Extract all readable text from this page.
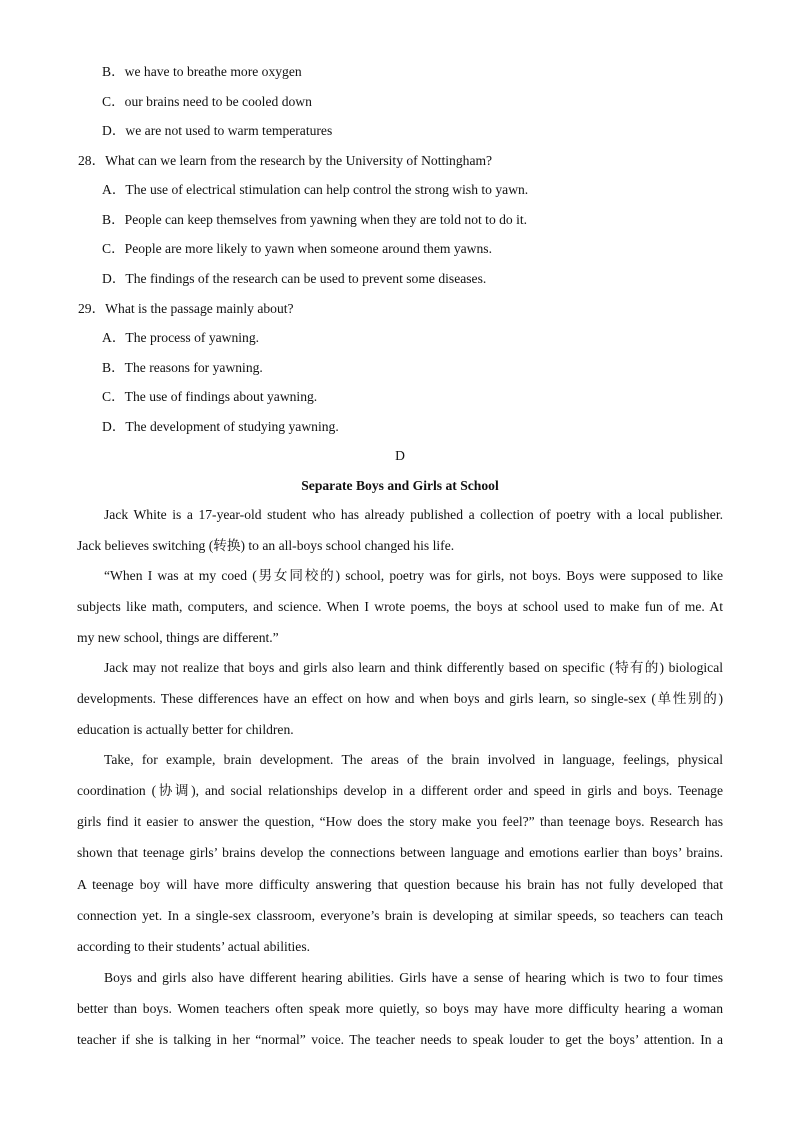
B．we have to breathe more oxygen
C．our brains need to be cooled down
D．we are not used to warm temperatures
28．What can we learn from the research by the University of Nottingham?
A．The use of electrical stimulation can help control the strong wish to yawn.
B．People can keep themselves from yawning when they are told not to do it.
C．People are more likely to yawn when someone around them yawns.
D．The findings of the research can be used to prevent some diseases.
29．What is the passage mainly about?
A．The process of yawning.
B．The reasons for yawning.
C．The use of findings about yawning.
D．The development of studying yawning.
D
Separate Boys and Girls at School
Jack White is a 17-year-old student who has already published a collection of poetry with a local publisher.
Jack believes switching (转换) to an all-boys school changed his life.
“When I was at my coed (男女同校的) school, poetry was for girls, not boys. Boys were supposed to like
subjects like math, computers, and science. When I wrote poems, the boys at school used to make fun of me. At
my new school, things are different.”
Jack may not realize that boys and girls also learn and think differently based on specific (特有的) biological
developments. These differences have an effect on how and when boys and girls learn, so single-sex (单性别的)
education is actually better for children.
Take, for example, brain development. The areas of the brain involved in language, feelings, physical
coordination (协调), and social relationships develop in a different order and speed in girls and boys. Teenage
girls find it easier to answer the question, “How does the story make you feel?” than teenage boys. Research has
shown that teenage girls’ brains develop the connections between language and emotions earlier than boys’ brains.
A teenage boy will have more difficulty answering that question because his brain has not fully developed that
connection yet. In a single-sex classroom, everyone’s brain is developing at similar speeds, so teachers can teach
according to their students’ actual abilities.
Boys and girls also have different hearing abilities. Girls have a sense of hearing which is two to four times
better than boys. Women teachers often speak more quietly, so boys may have more difficulty hearing a woman
teacher if she is talking in her “normal” voice. The teacher needs to speak louder to get the boys’ attention. In a
